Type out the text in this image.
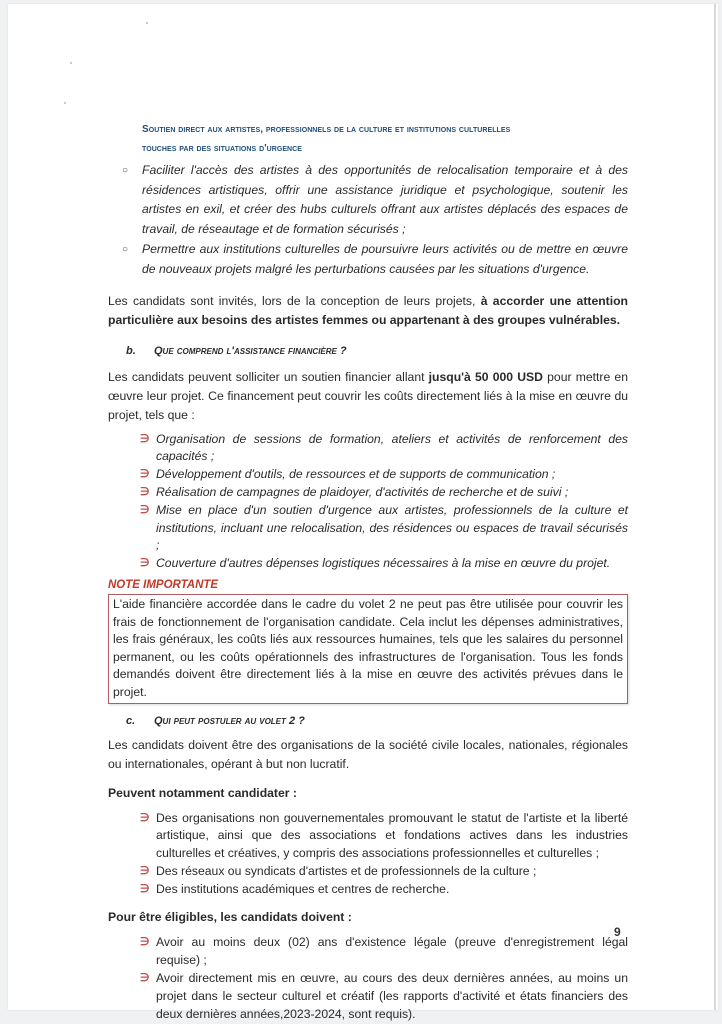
Soutien direct aux artistes, professionnels de la culture et institutions culturelles
touches par des situations d'urgence
○ Faciliter l'accès des artistes à des opportunités de relocalisation temporaire et à des résidences artistiques, offrir une assistance juridique et psychologique, soutenir les artistes en exil, et créer des hubs culturels offrant aux artistes déplacés des espaces de travail, de réseautage et de formation sécurisés ;
○ Permettre aux institutions culturelles de poursuivre leurs activités ou de mettre en œuvre de nouveaux projets malgré les perturbations causées par les situations d'urgence.

Les candidats sont invités, lors de la conception de leurs projets, à accorder une attention particulière aux besoins des artistes femmes ou appartenant à des groupes vulnérables.

b. Que comprend l'assistance financière ?

Les candidats peuvent solliciter un soutien financier allant jusqu'à 50 000 USD pour mettre en œuvre leur projet. Ce financement peut couvrir les coûts directement liés à la mise en œuvre du projet, tels que :

∋ Organisation de sessions de formation, ateliers et activités de renforcement des capacités ;
∋ Développement d'outils, de ressources et de supports de communication ;
∋ Réalisation de campagnes de plaidoyer, d'activités de recherche et de suivi ;
∋ Mise en place d'un soutien d'urgence aux artistes, professionnels de la culture et institutions, incluant une relocalisation, des résidences ou espaces de travail sécurisés ;
∋ Couverture d'autres dépenses logistiques nécessaires à la mise en œuvre du projet.
NOTE IMPORTANTE
L'aide financière accordée dans le cadre du volet 2 ne peut pas être utilisée pour couvrir les frais de fonctionnement de l'organisation candidate. Cela inclut les dépenses administratives, les frais généraux, les coûts liés aux ressources humaines, tels que les salaires du personnel permanent, ou les coûts opérationnels des infrastructures de l'organisation. Tous les fonds demandés doivent être directement liés à la mise en œuvre des activités prévues dans le projet.
c. Qui peut postuler au volet 2 ?

Les candidats doivent être des organisations de la société civile locales, nationales, régionales ou internationales, opérant à but non lucratif.

Peuvent notamment candidater :
∋ Des organisations non gouvernementales promouvant le statut de l'artiste et la liberté artistique, ainsi que des associations et fondations actives dans les industries culturelles et créatives, y compris des associations professionnelles et culturelles ;
∋ Des réseaux ou syndicats d'artistes et de professionnels de la culture ;
∋ Des institutions académiques et centres de recherche.
Pour être éligibles, les candidats doivent :
∋ Avoir au moins deux (02) ans d'existence légale (preuve d'enregistrement légal requise) ;
∋ Avoir directement mis en œuvre, au cours des deux dernières années, au moins un projet dans le secteur culturel et créatif (les rapports d'activité et états financiers des deux dernières années,2023-2024, sont requis).
9
